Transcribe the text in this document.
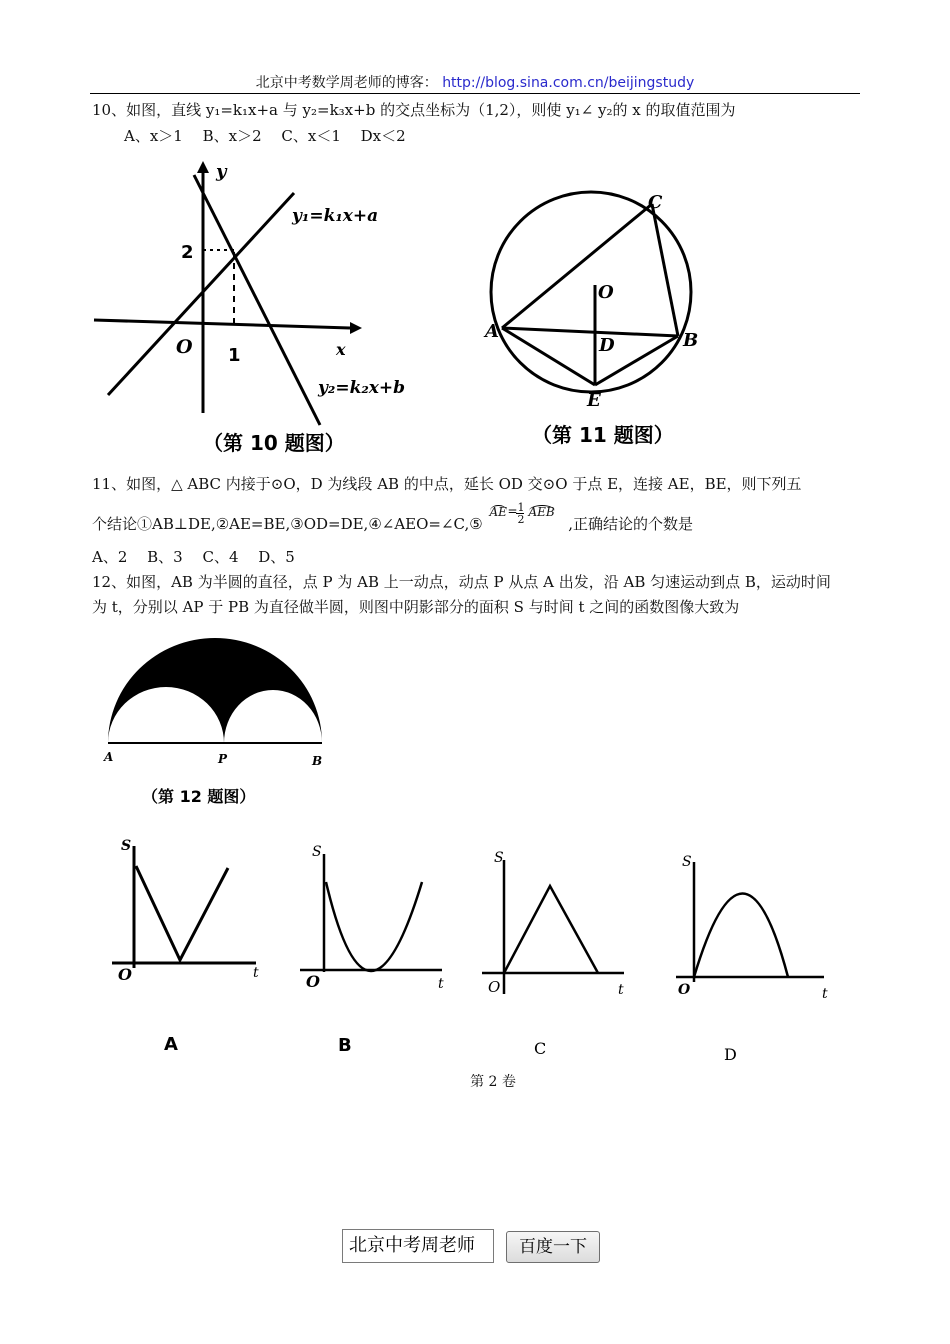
北京中考数学周老师的博客： http://blog.sina.com.cn/beijingstudy
10、如图，直线 y₁=k₁x+a 与 y₂=k₃x+b 的交点坐标为（1,2），则使 y₁∠ y₂的 x 的取值范围为
A、x＞1　 B、x＞2　 C、x＜1　 Dx＜2
y
x
O
2
1
y₁=k₁x+a
y₂=k₂x+b
（第 10 题图）
C
O
A
D	B
E
（第 11 题图）
11、如图，△ ABC 内接于⊙O，D 为线段 AB 的中点，延长 OD 交⊙O 于点 E，连接 AE，BE，则下列五
个结论①AB⊥DE,②AE=BE,③OD=DE,④∠AEO=∠C,⑤
AE = 1
2
AEB
,正确结论的个数是
A、2　 B、3　 C、4　 D、5
12、如图，AB 为半圆的直径，点 P 为 AB 上一动点，动点 P 从点 A 出发，沿 AB 匀速运动到点 B，运动时间
为 t，分别以 AP 于 PB 为直径做半圆，则图中阴影部分的面积 S 与时间 t 之间的函数图像大致为
A	P	B
（第 12 题图）
S
O	t
A
S
O	t
B
S
O	t
C
S
O	t
D
第 2 卷
北京中考周老师	百度一下
